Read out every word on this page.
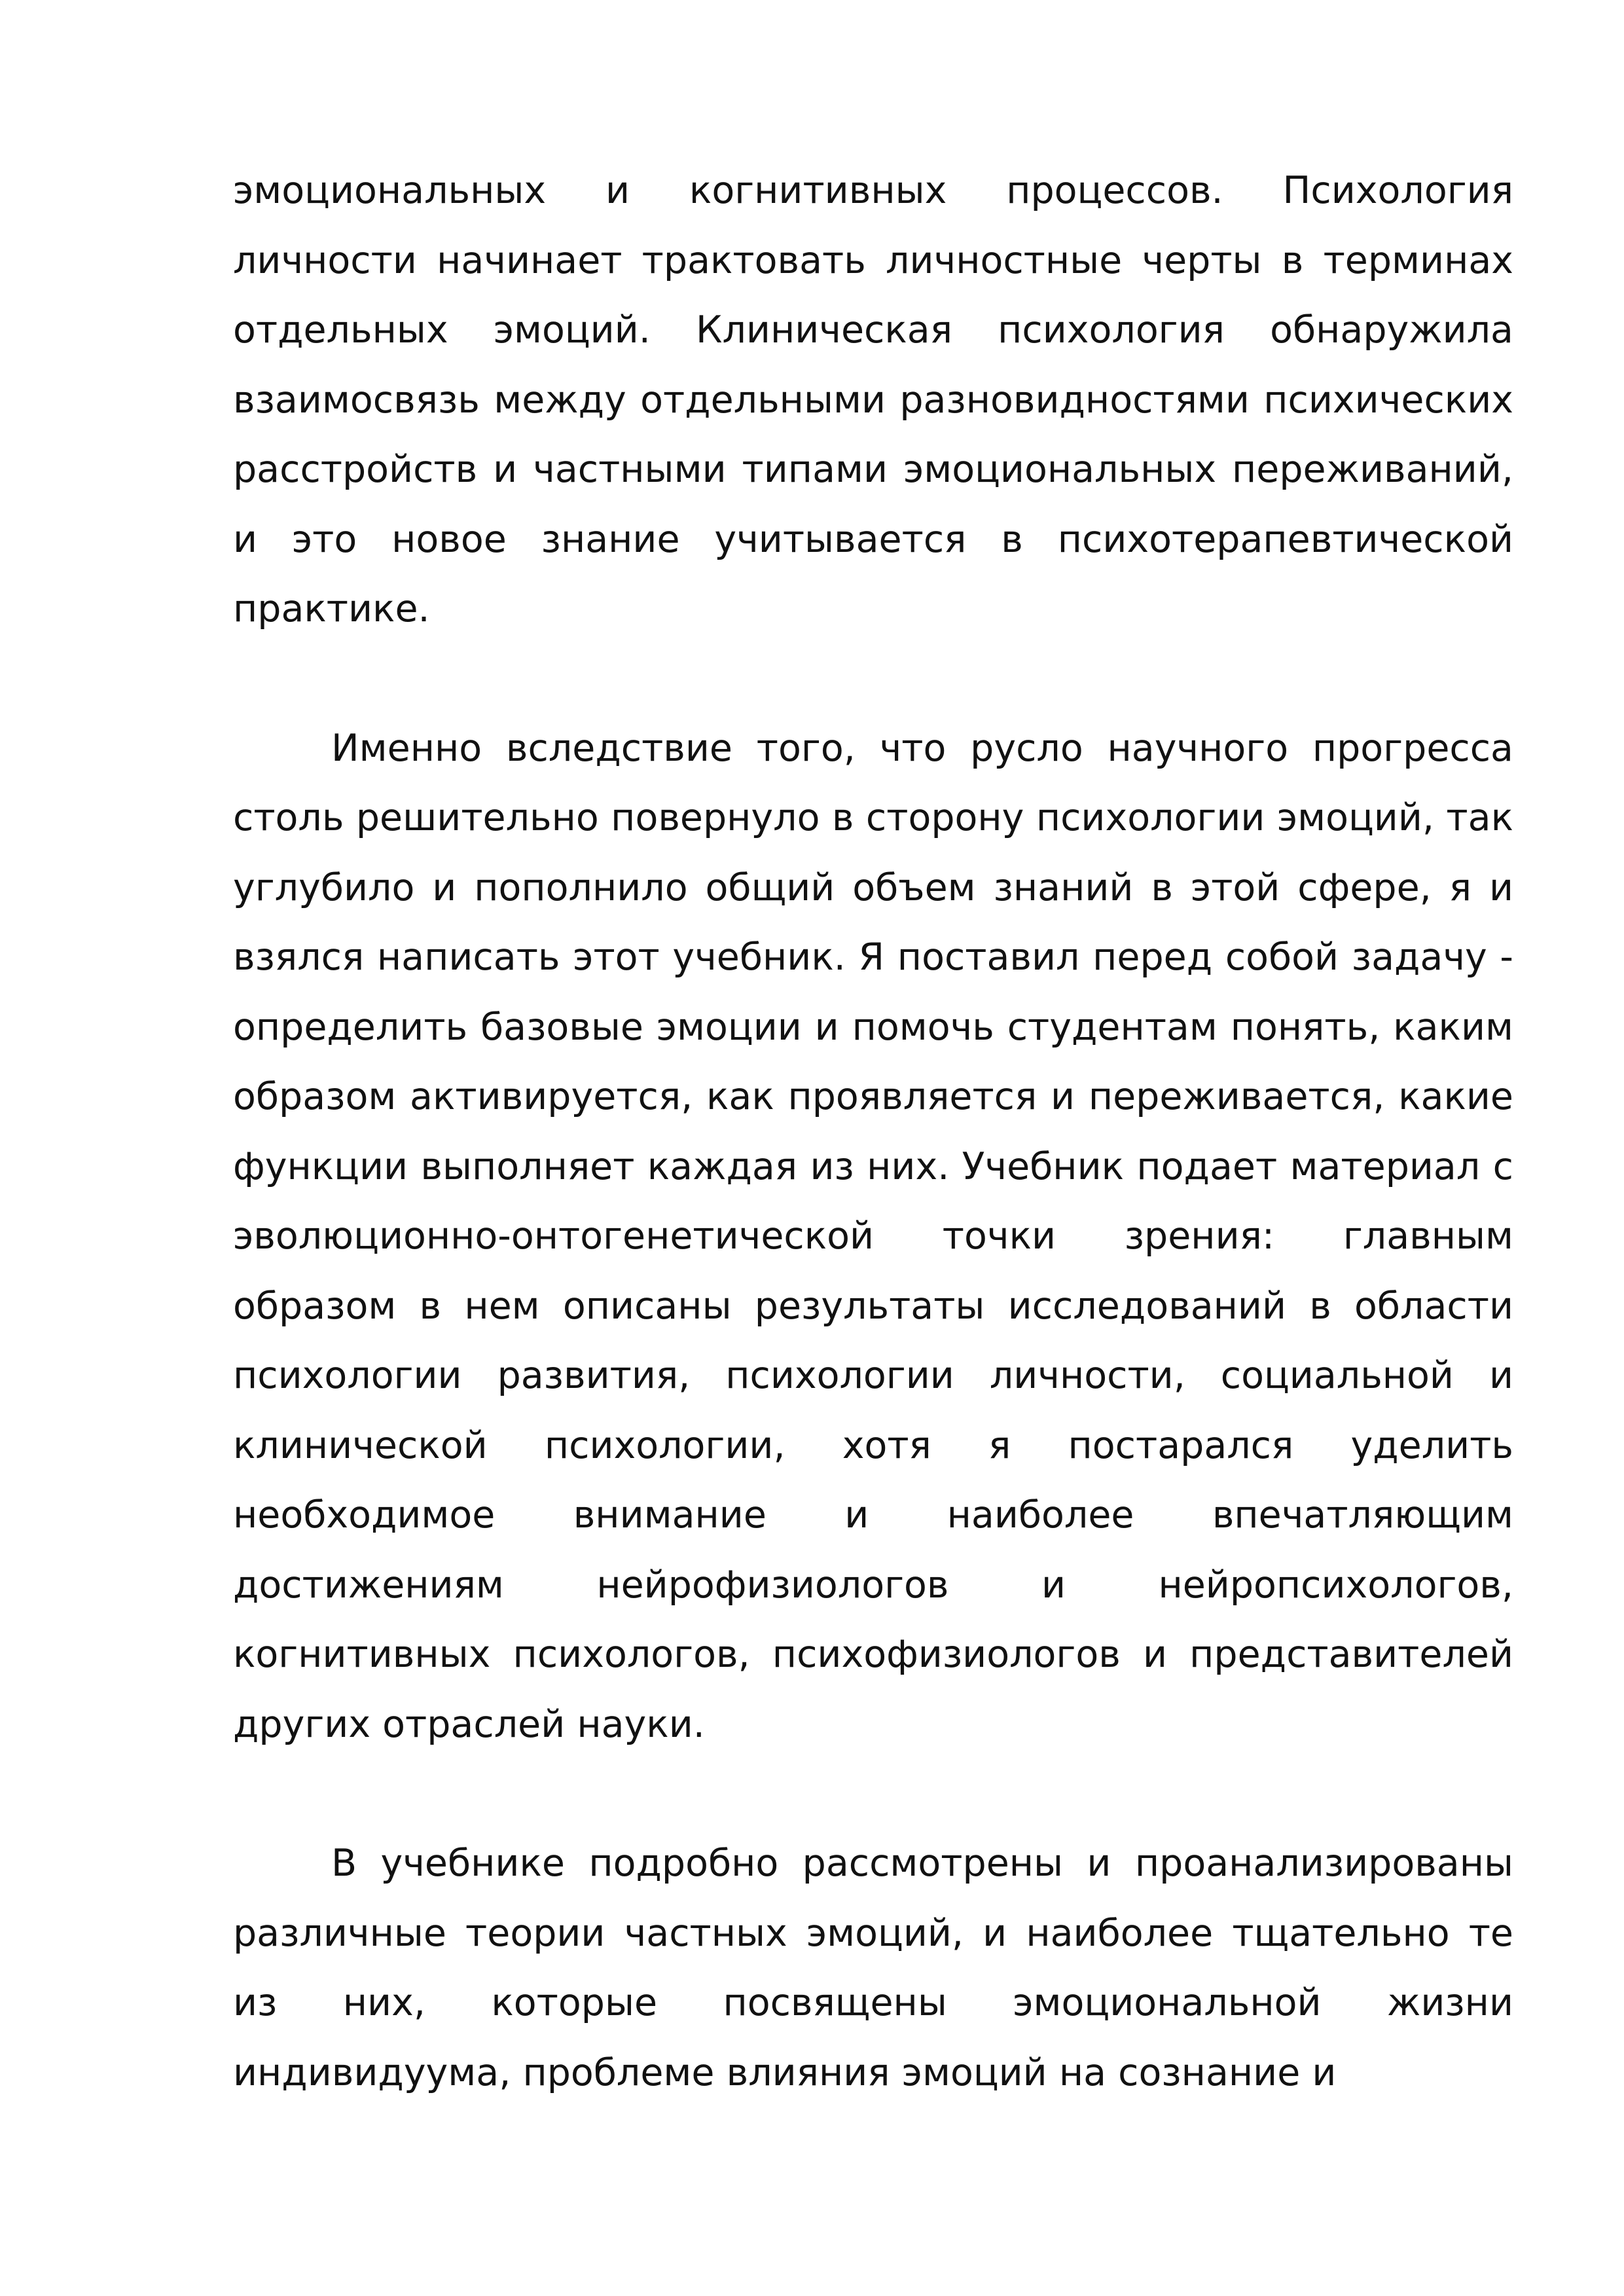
эмоциональных и когнитивных процессов. Психология личности начинает трактовать личностные черты в терминах отдельных эмоций. Клиническая психология обнаружила взаимосвязь между отдельными разновидностями психических расстройств и частными типами эмоциональных переживаний, и это новое знание учитывается в психотерапевтической практике.

Именно вследствие того, что русло научного прогресса столь решительно повернуло в сторону психологии эмоций, так углубило и пополнило общий объем знаний в этой сфере, я и взялся написать этот учебник. Я поставил перед собой задачу - определить базовые эмоции и помочь студентам понять, каким образом активируется, как проявляется и переживается, какие функции выполняет каждая из них. Учебник подает материал с эволюционно-онтогенетической точки зрения: главным образом в нем описаны результаты исследований в области психологии развития, психологии личности, социальной и клинической психологии, хотя я постарался уделить необходимое внимание и наиболее впечатляющим достижениям нейрофизиологов и нейропсихологов, когнитивных психологов, психофизиологов и представителей других отраслей науки.

В учебнике подробно рассмотрены и проанализированы различные теории частных эмоций, и наиболее тщательно те из них, которые посвящены эмоциональной жизни индивидуума, проблеме влияния эмоций на сознание и
